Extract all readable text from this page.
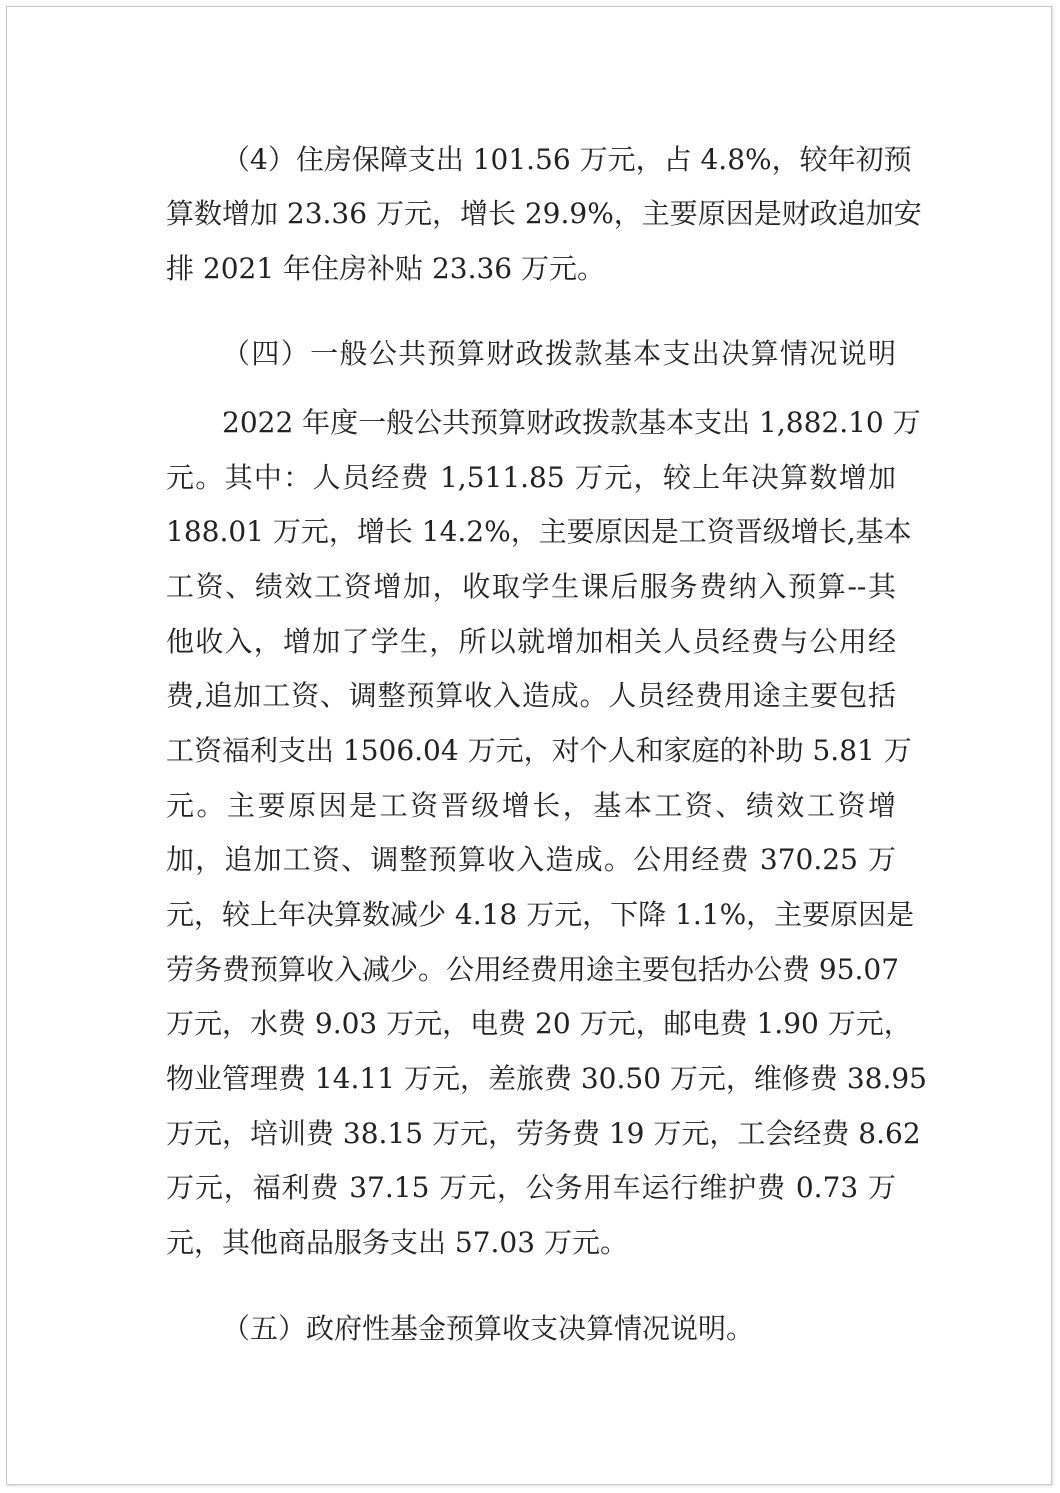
（4）住房保障支出 101.56 万元，占 4.8%，较年初预
算数增加 23.36 万元，增长 29.9%，主要原因是财政追加安
排 2021 年住房补贴 23.36 万元。
（四）一般公共预算财政拨款基本支出决算情况说明
2022 年度一般公共预算财政拨款基本支出 1,882.10 万
元。其中：人员经费 1,511.85 万元，较上年决算数增加
188.01 万元，增长 14.2%，主要原因是工资晋级增长,基本
工资、绩效工资增加，收取学生课后服务费纳入预算--其
他收入，增加了学生，所以就增加相关人员经费与公用经
费,追加工资、调整预算收入造成。人员经费用途主要包括
工资福利支出 1506.04 万元，对个人和家庭的补助 5.81 万
元。主要原因是工资晋级增长，基本工资、绩效工资增
加，追加工资、调整预算收入造成。公用经费 370.25 万
元，较上年决算数减少 4.18 万元，下降 1.1%，主要原因是
劳务费预算收入减少。公用经费用途主要包括办公费 95.07
万元，水费 9.03 万元，电费 20 万元，邮电费 1.90 万元，
物业管理费 14.11 万元，差旅费 30.50 万元，维修费 38.95
万元，培训费 38.15 万元，劳务费 19 万元，工会经费 8.62
万元，福利费 37.15 万元，公务用车运行维护费 0.73 万
元，其他商品服务支出 57.03 万元。
（五）政府性基金预算收支决算情况说明。
